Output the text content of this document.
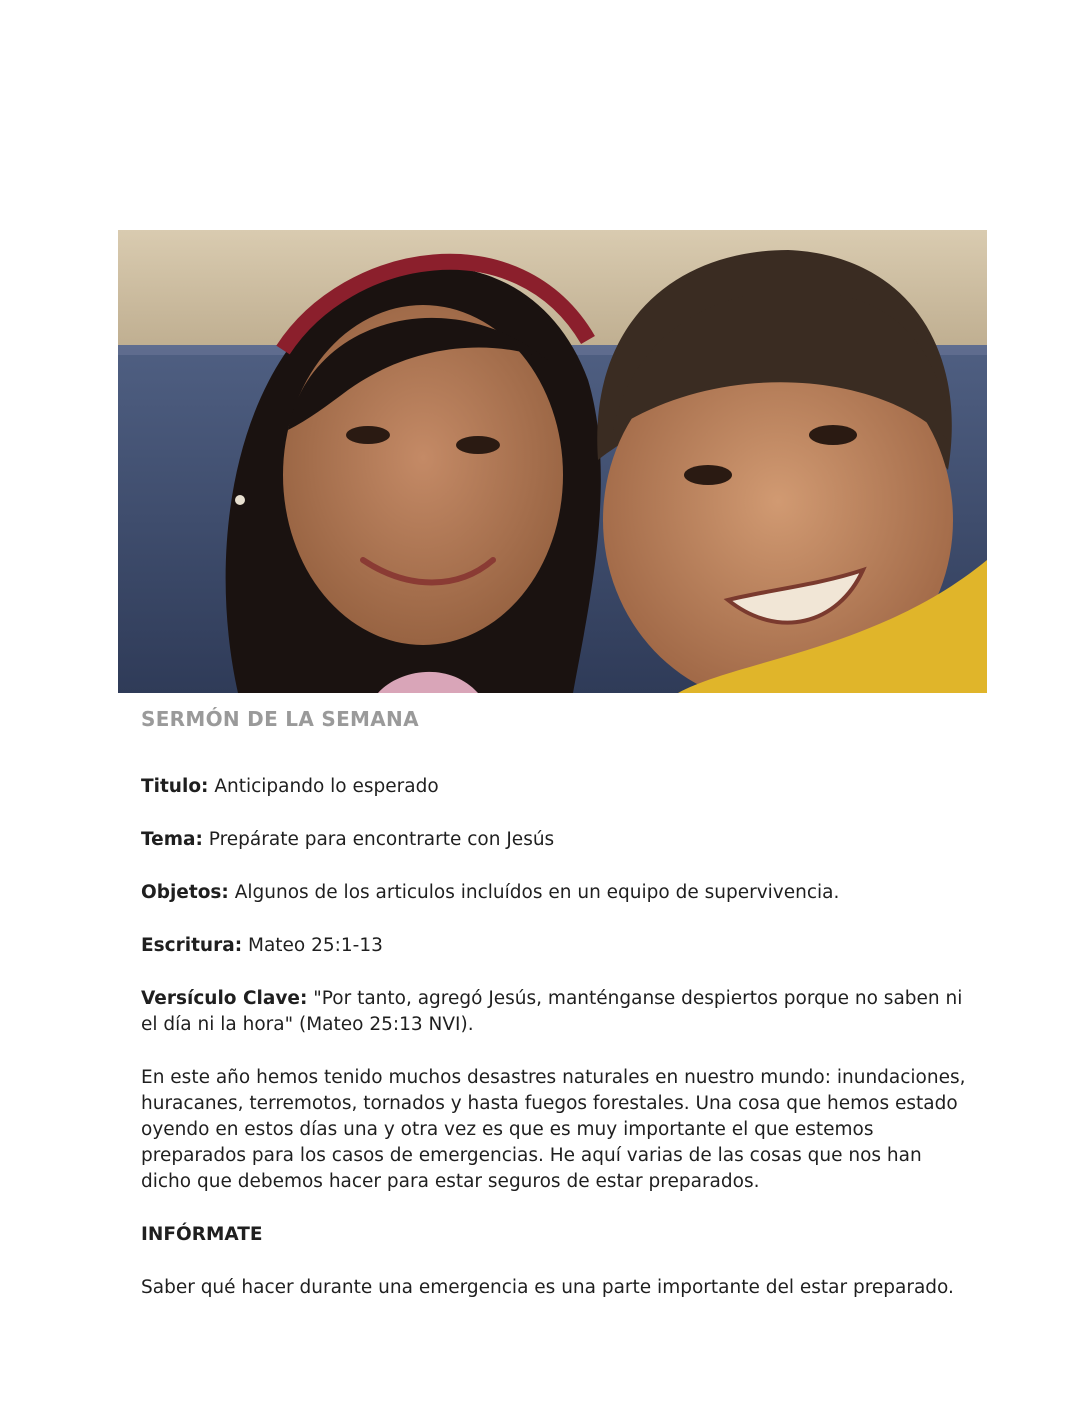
SERMÓN DE LA SEMANA
Titulo: Anticipando lo esperado
Tema: Prepárate para encontrarte con Jesús
Objetos: Algunos de los articulos incluídos en un equipo de supervivencia.
Escritura: Mateo 25:1-13
Versículo Clave: "Por tanto, agregó Jesús, manténganse despiertos porque no saben ni el día ni la hora" (Mateo 25:13 NVI).
En este año hemos tenido muchos desastres naturales en nuestro mundo: inundaciones, huracanes, terremotos, tornados y hasta fuegos forestales. Una cosa que hemos estado oyendo en estos días una y otra vez es que es muy importante el que estemos preparados para los casos de emergencias. He aquí varias de las cosas que nos han dicho que debemos hacer para estar seguros de estar preparados.
INFÓRMATE
Saber qué hacer durante una emergencia es una parte importante del estar preparado.
